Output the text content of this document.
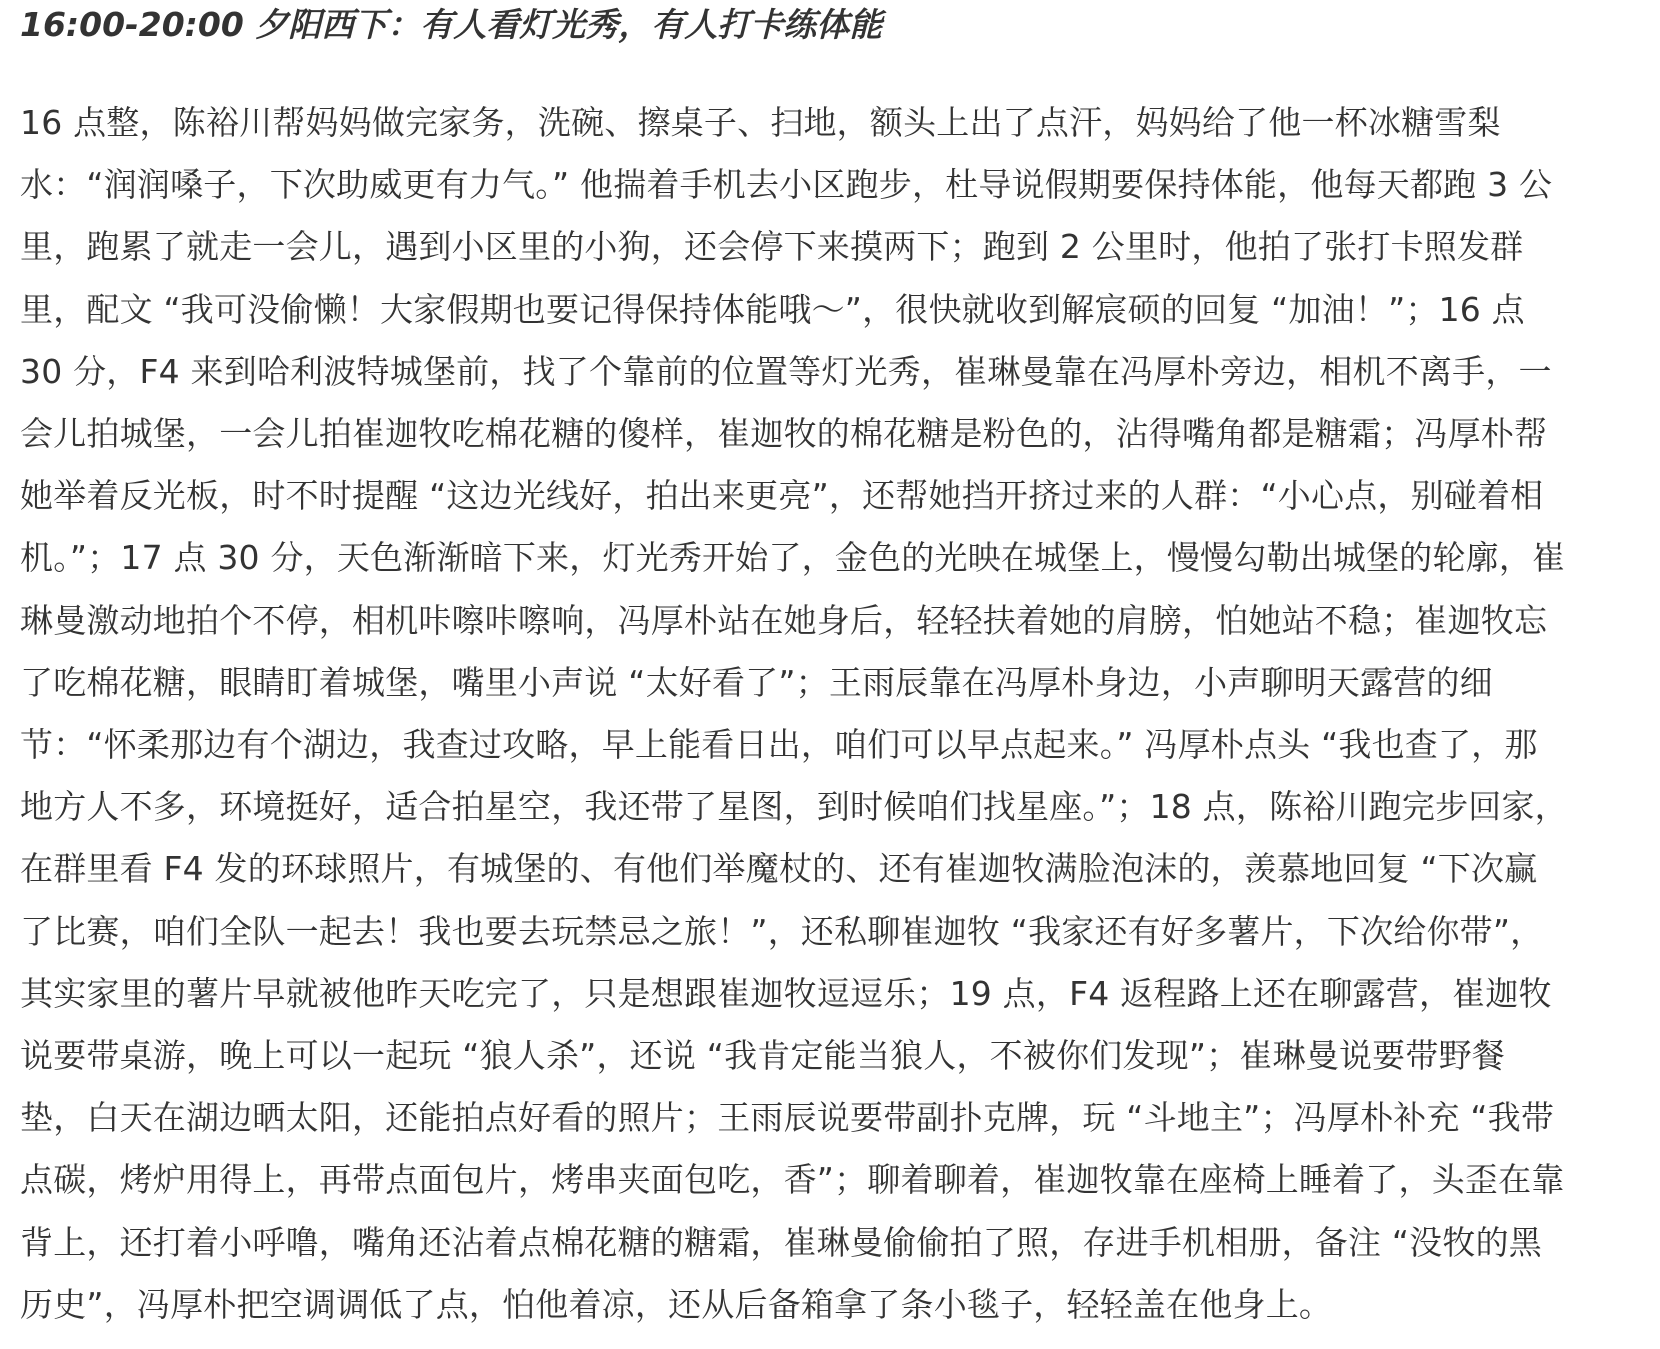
16:00-20:00 夕阳西下：有人看灯光秀，有人打卡练体能

16 点整，陈裕川帮妈妈做完家务，洗碗、擦桌子、扫地，额头上出了点汗，妈妈给了他一杯冰糖雪梨水：“润润嗓子，下次助威更有力气。” 他揣着手机去小区跑步，杜导说假期要保持体能，他每天都跑 3 公里，跑累了就走一会儿，遇到小区里的小狗，还会停下来摸两下；跑到 2 公里时，他拍了张打卡照发群里，配文 “我可没偷懒！大家假期也要记得保持体能哦～”，很快就收到解宸硕的回复 “加油！”；16 点 30 分，F4 来到哈利波特城堡前，找了个靠前的位置等灯光秀，崔琳曼靠在冯厚朴旁边，相机不离手，一会儿拍城堡，一会儿拍崔迦牧吃棉花糖的傻样，崔迦牧的棉花糖是粉色的，沾得嘴角都是糖霜；冯厚朴帮她举着反光板，时不时提醒 “这边光线好，拍出来更亮”，还帮她挡开挤过来的人群：“小心点，别碰着相机。”；17 点 30 分，天色渐渐暗下来，灯光秀开始了，金色的光映在城堡上，慢慢勾勒出城堡的轮廓，崔琳曼激动地拍个不停，相机咔嚓咔嚓响，冯厚朴站在她身后，轻轻扶着她的肩膀，怕她站不稳；崔迦牧忘了吃棉花糖，眼睛盯着城堡，嘴里小声说 “太好看了”；王雨辰靠在冯厚朴身边，小声聊明天露营的细节：“怀柔那边有个湖边，我查过攻略，早上能看日出，咱们可以早点起来。” 冯厚朴点头 “我也查了，那地方人不多，环境挺好，适合拍星空，我还带了星图，到时候咱们找星座。”；18 点，陈裕川跑完步回家，在群里看 F4 发的环球照片，有城堡的、有他们举魔杖的、还有崔迦牧满脸泡沫的，羡慕地回复 “下次赢了比赛，咱们全队一起去！我也要去玩禁忌之旅！”，还私聊崔迦牧 “我家还有好多薯片，下次给你带”，其实家里的薯片早就被他昨天吃完了，只是想跟崔迦牧逗逗乐；19 点，F4 返程路上还在聊露营，崔迦牧说要带桌游，晚上可以一起玩 “狼人杀”，还说 “我肯定能当狼人，不被你们发现”；崔琳曼说要带野餐垫，白天在湖边晒太阳，还能拍点好看的照片；王雨辰说要带副扑克牌，玩 “斗地主”；冯厚朴补充 “我带点碳，烤炉用得上，再带点面包片，烤串夹面包吃，香”；聊着聊着，崔迦牧靠在座椅上睡着了，头歪在靠背上，还打着小呼噜，嘴角还沾着点棉花糖的糖霜，崔琳曼偷偷拍了照，存进手机相册，备注 “没牧的黑历史”，冯厚朴把空调调低了点，怕他着凉，还从后备箱拿了条小毯子，轻轻盖在他身上。
